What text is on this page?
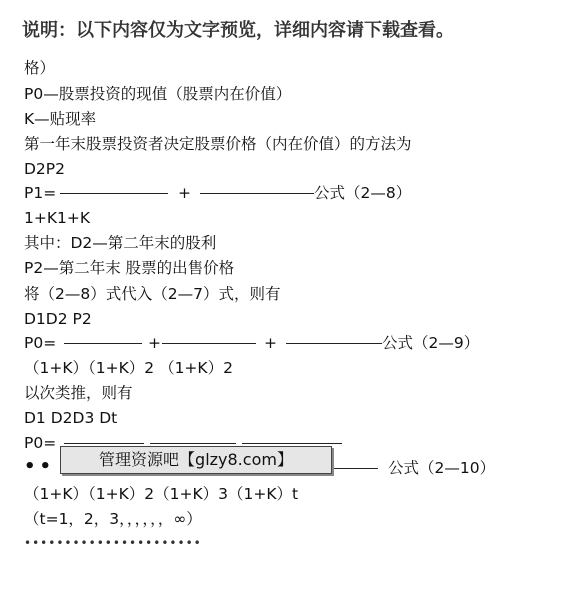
说明：以下内容仅为文字预览，详细内容请下载查看。
格）
P0—股票投资的现值（股票内在价值）
K—贴现率
第一年末股票投资者决定股票价格（内在价值）的方法为
D2P2
P1=	+	公式（2—8）
1+K1+K
其中：D2—第二年末的股利
P2—第二年末 股票的出售价格
将（2—8）式代入（2—7）式，则有
D1D2 P2
P0=	+	+	公式（2—9）
（1+K）（1+K）2 （1+K）2
以次类推，则有
D1 D2D3 Dt
P0=
••	公式（2—10）
管理资源吧【glzy8.com】
（1+K）（1+K）2（1+K）3（1+K）t
（t=1，2，3，，，，，，∞）
••••••••••••••••••••••
